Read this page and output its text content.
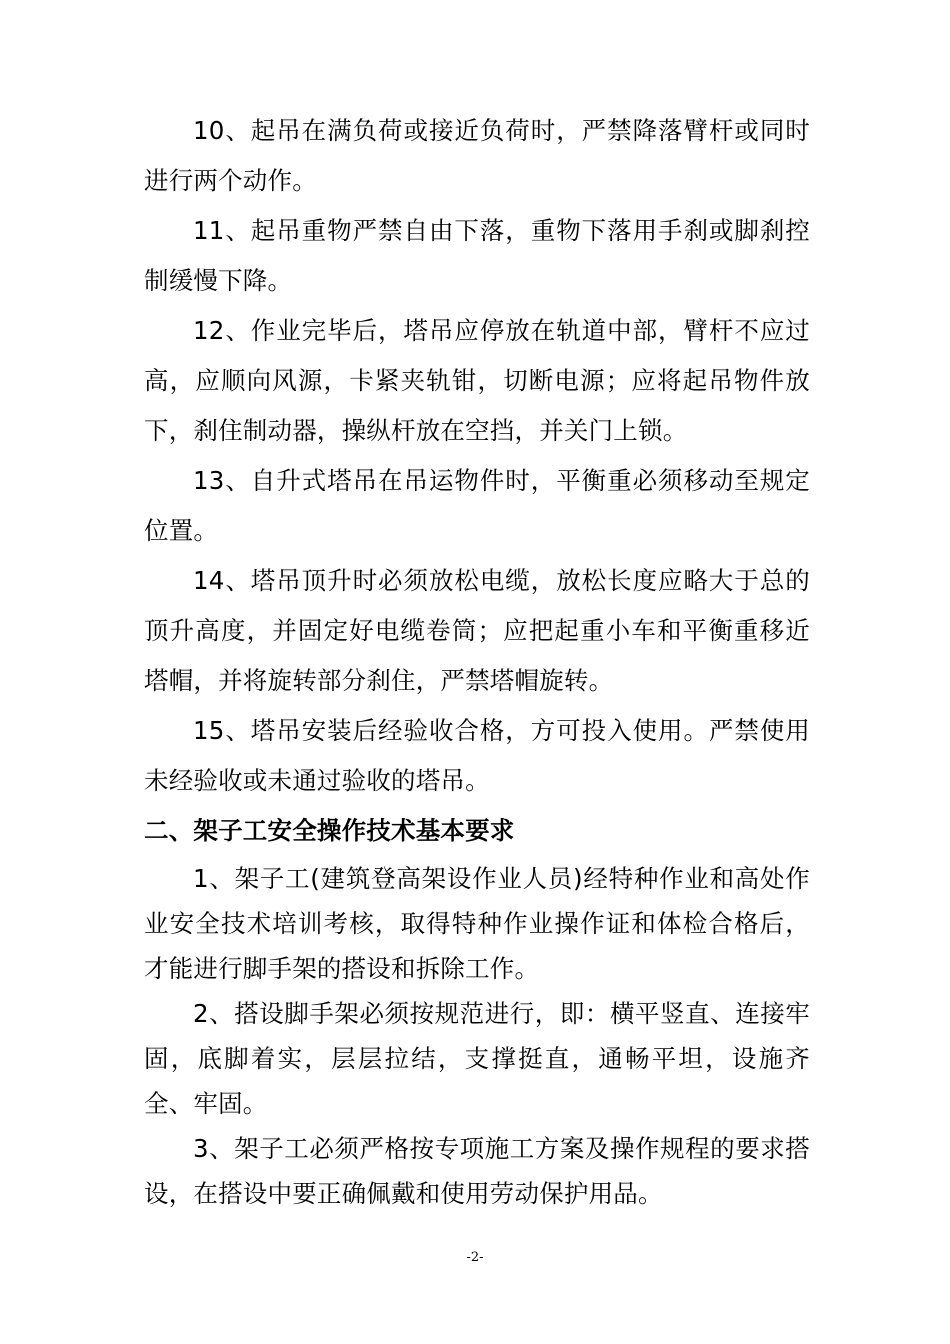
10、起吊在满负荷或接近负荷时，严禁降落臂杆或同时进行两个动作。

11、起吊重物严禁自由下落，重物下落用手刹或脚刹控制缓慢下降。

12、作业完毕后，塔吊应停放在轨道中部，臂杆不应过高，应顺向风源，卡紧夹轨钳，切断电源；应将起吊物件放下，刹住制动器，操纵杆放在空挡，并关门上锁。

13、自升式塔吊在吊运物件时，平衡重必须移动至规定位置。

14、塔吊顶升时必须放松电缆，放松长度应略大于总的顶升高度，并固定好电缆卷筒；应把起重小车和平衡重移近塔帽，并将旋转部分刹住，严禁塔帽旋转。

15、塔吊安装后经验收合格，方可投入使用。严禁使用未经验收或未通过验收的塔吊。

二、架子工安全操作技术基本要求

1、架子工(建筑登高架设作业人员)经特种作业和高处作业安全技术培训考核，取得特种作业操作证和体检合格后，才能进行脚手架的搭设和拆除工作。

2、搭设脚手架必须按规范进行，即：横平竖直、连接牢固，底脚着实，层层拉结，支撑挺直，通畅平坦，设施齐全、牢固。

3、架子工必须严格按专项施工方案及操作规程的要求搭设，在搭设中要正确佩戴和使用劳动保护用品。

-2-
